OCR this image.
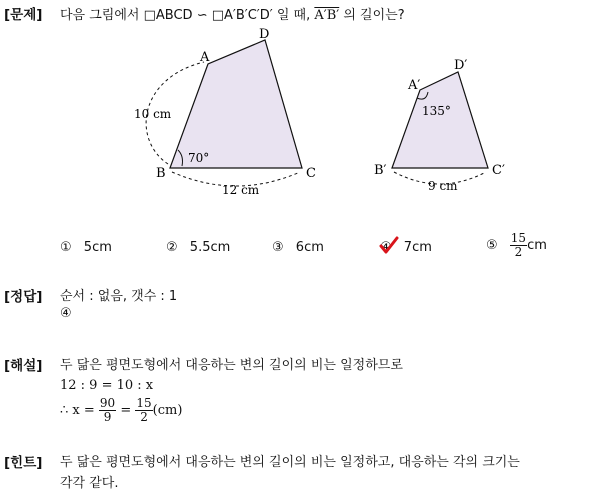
[문제] 다음 그림에서 □ABCD ∽ □A′B′C′D′ 일 때, A′B′ 의 길이는?
A
B	C
D
10 cm
12 cm
70°
A′
B′	C′
D′
9 cm
135°
① 5cm	② 5.5cm	③ 6cm	④ 7cm	⑤ $\frac{15}{2}$ cm
[정답] 순서 : 없음, 갯수 : 1
④
[해설] 두 닮은 평면도형에서 대응하는 변의 길이의 비는 일정하므로
12 : 9 = 10 : x
∴ $x = \frac{90}{9} = \frac{15}{2} (cm)$
[힌트] 두 닮은 평면도형에서 대응하는 변의 길이의 비는 일정하고, 대응하는 각의 크기는
각각 같다.
